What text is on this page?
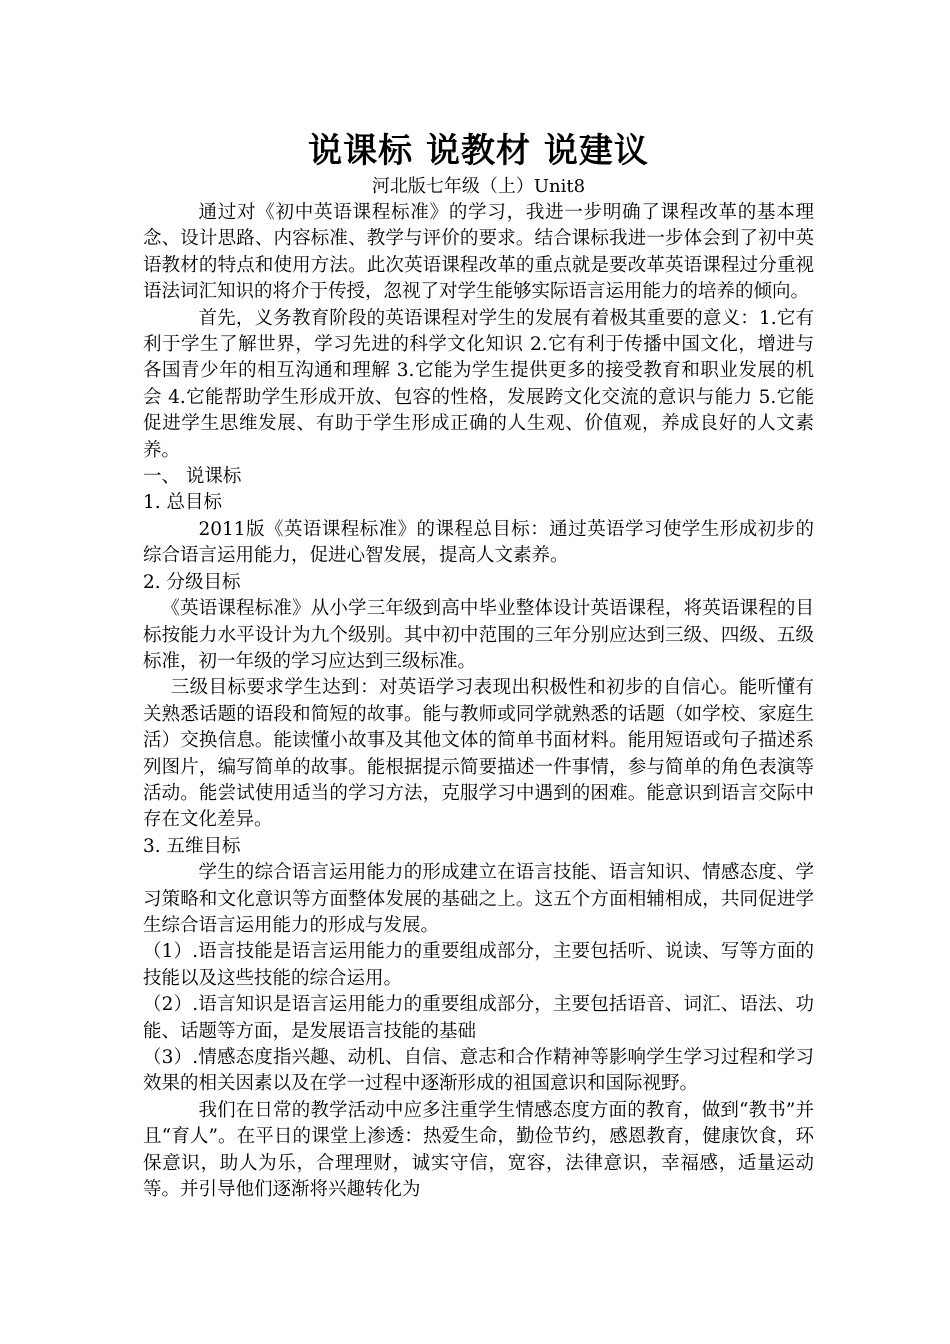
说课标 说教材 说建议

河北版七年级（上）Unit8

通过对《初中英语课程标准》的学习，我进一步明确了课程改革的基本理念、设计思路、内容标准、教学与评价的要求。结合课标我进一步体会到了初中英语教材的特点和使用方法。此次英语课程改革的重点就是要改革英语课程过分重视语法词汇知识的将介于传授，忽视了对学生能够实际语言运用能力的培养的倾向。

首先，义务教育阶段的英语课程对学生的发展有着极其重要的意义：1.它有利于学生了解世界，学习先进的科学文化知识 2.它有利于传播中国文化，增进与各国青少年的相互沟通和理解 3.它能为学生提供更多的接受教育和职业发展的机会 4.它能帮助学生形成开放、包容的性格，发展跨文化交流的意识与能力 5.它能促进学生思维发展、有助于学生形成正确的人生观、价值观，养成良好的人文素养。

一、 说课标

1. 总目标

2011版《英语课程标准》的课程总目标：通过英语学习使学生形成初步的综合语言运用能力，促进心智发展，提高人文素养。

2. 分级目标

《英语课程标准》从小学三年级到高中毕业整体设计英语课程，将英语课程的目标按能力水平设计为九个级别。其中初中范围的三年分别应达到三级、四级、五级标准，初一年级的学习应达到三级标准。

三级目标要求学生达到：对英语学习表现出积极性和初步的自信心。能听懂有关熟悉话题的语段和简短的故事。能与教师或同学就熟悉的话题（如学校、家庭生活）交换信息。能读懂小故事及其他文体的简单书面材料。能用短语或句子描述系列图片，编写简单的故事。能根据提示简要描述一件事情，参与简单的角色表演等活动。能尝试使用适当的学习方法，克服学习中遇到的困难。能意识到语言交际中存在文化差异。

3. 五维目标

学生的综合语言运用能力的形成建立在语言技能、语言知识、情感态度、学习策略和文化意识等方面整体发展的基础之上。这五个方面相辅相成，共同促进学生综合语言运用能力的形成与发展。

（1）.语言技能是语言运用能力的重要组成部分，主要包括听、说读、写等方面的技能以及这些技能的综合运用。

（2）.语言知识是语言运用能力的重要组成部分，主要包括语音、词汇、语法、功能、话题等方面，是发展语言技能的基础

（3）.情感态度指兴趣、动机、自信、意志和合作精神等影响学生学习过程和学习效果的相关因素以及在学一过程中逐渐形成的祖国意识和国际视野。

我们在日常的教学活动中应多注重学生情感态度方面的教育，做到“教书”并且“育人”。在平日的课堂上渗透：热爱生命，勤俭节约，感恩教育，健康饮食，环保意识，助人为乐，合理理财，诚实守信，宽容，法律意识，幸福感，适量运动等。并引导他们逐渐将兴趣转化为
